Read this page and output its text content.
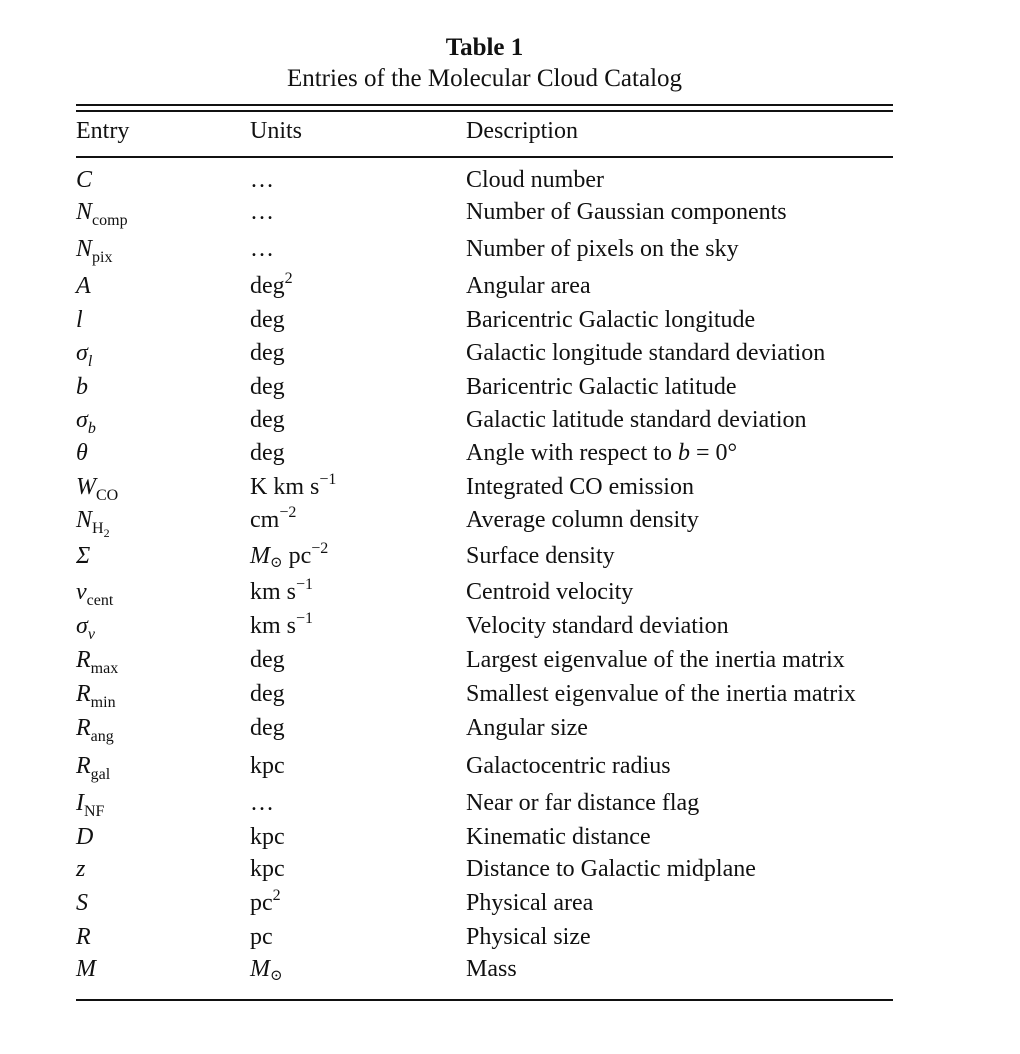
Table 1
Entries of the Molecular Cloud Catalog
Entry	Units	Description
C	…	Cloud number
$N_{comp}$	…	Number of Gaussian components
$N_{pix}$	…	Number of pixels on the sky
A	deg$^2$	Angular area
l	deg	Baricentric Galactic longitude
$\sigma_l$	deg	Galactic longitude standard deviation
b	deg	Baricentric Galactic latitude
$\sigma_b$	deg	Galactic latitude standard deviation
θ	deg	Angle with respect to b = 0°
$W_{CO}$	K km $s^{-1}$	Integrated CO emission
$N_{H_2}$	$cm^{-2}$	Average column density
Σ	M⊙ $pc^{-2}$	Surface density
$v_{cent}$	km $s^{-1}$	Centroid velocity
$\sigma_v$	km $s^{-1}$	Velocity standard deviation
$R_{max}$	deg	Largest eigenvalue of the inertia matrix
$R_{min}$	deg	Smallest eigenvalue of the inertia matrix
$R_{ang}$	deg	Angular size
$R_{gal}$	kpc	Galactocentric radius
$I_{NF}$	…	Near or far distance flag
D	kpc	Kinematic distance
z	kpc	Distance to Galactic midplane
S	$pc^2$	Physical area
R	pc	Physical size
M	M⊙	Mass
